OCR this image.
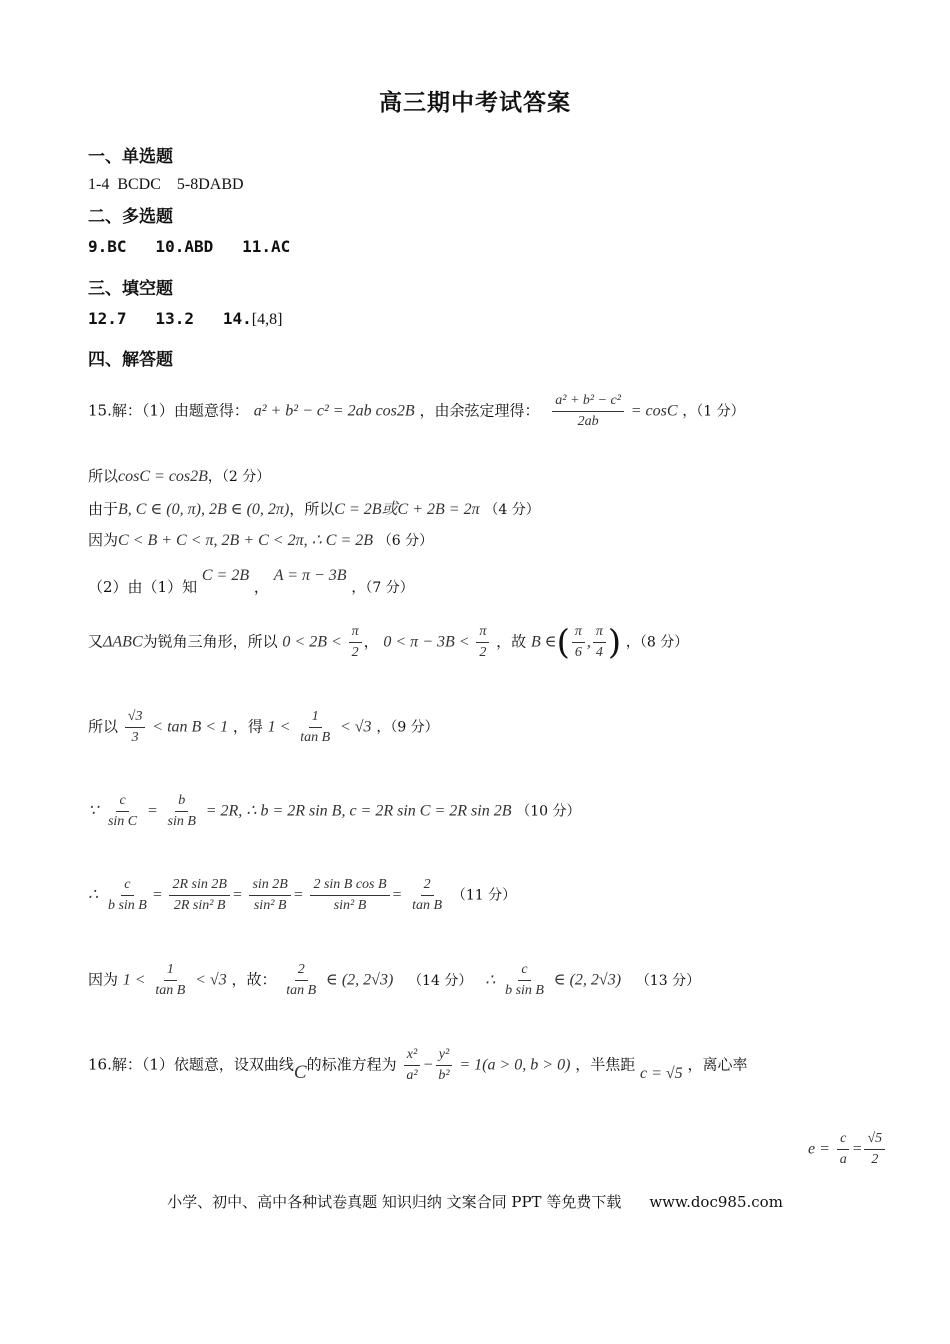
高三期中考试答案
一、单选题
1-4  BCDC    5-8DABD
二、多选题
9.BC   10.ABD   11.AC
三、填空题
12.7   13.2   14.[4,8]
四、解答题
15.解：（1）由题意得： a² + b² − c² = 2ab cos2B ，由余弦定理得： $\frac{\text{a² + b² − c²}}{2ab} = \cos C$ ，（1 分）
所以cosC = cos2B，（2 分）
由于B, C ∈ (0, π), 2B ∈ (0, 2π)，所以C = 2B或C + 2B = 2π （4 分）
因为C < B + C < π, 2B + C < 2π, ∴ C = 2B （6 分）
（2）由（1）知 C = 2B ， A = π − 3B ，（7 分）
又ΔABC为锐角三角形，所以 $0 < 2B < \frac{\pi}{2}$ ， $0 < \pi - 3B < \frac{\pi}{2}$ ，故 B ∈( $\frac{\pi}{6}$ , $\frac{\pi}{4}$ ) ，（8 分）
所以 $\frac{√3}{3} < \tan B < 1$ ，得 $1 < \frac{1}{\text{tan B}} < √3$ ，（9 分）
∵ $\frac{c}{\text{sin C}} = \frac{b}{\text{sin B}} = 2R$, ∴ b = 2R sin B, c = 2R sin C = 2R sin 2B （10 分）
∴ $\frac{c}{\text{b sin B}} = \frac{\text{2R sin 2B}}{\text{2R sin² B}} = \frac{\sin 2B}{\text{sin² B}} = \frac{\text{2 sin B cos B}}{\text{sin² B}} = \frac{2}{\text{tan B}} (11$ 分）
因为 $1 < \frac{1}{\text{tan B}} < √3$ ，故： $\frac{2}{\text{tan B}}$ ∈ (2, 2√3) （14 分） ∴ $\frac{c}{\text{b sin B}}$ ∈ (2, 2√3) （13 分）
16.解：（1）依题意，设双曲线C的标准方程为 $\frac{\text{x²}}{\text{a²}} - \frac{\text{y²}}{\text{b²}} = 1(a > 0$, b > 0) ，半焦距 c = √5 ，离心率
$e = \frac{c}{a} = \frac{√5}{2}$
小学、初中、高中各种试卷真题 知识归纳 文案合同 PPT 等免费下载 www.doc985.com
